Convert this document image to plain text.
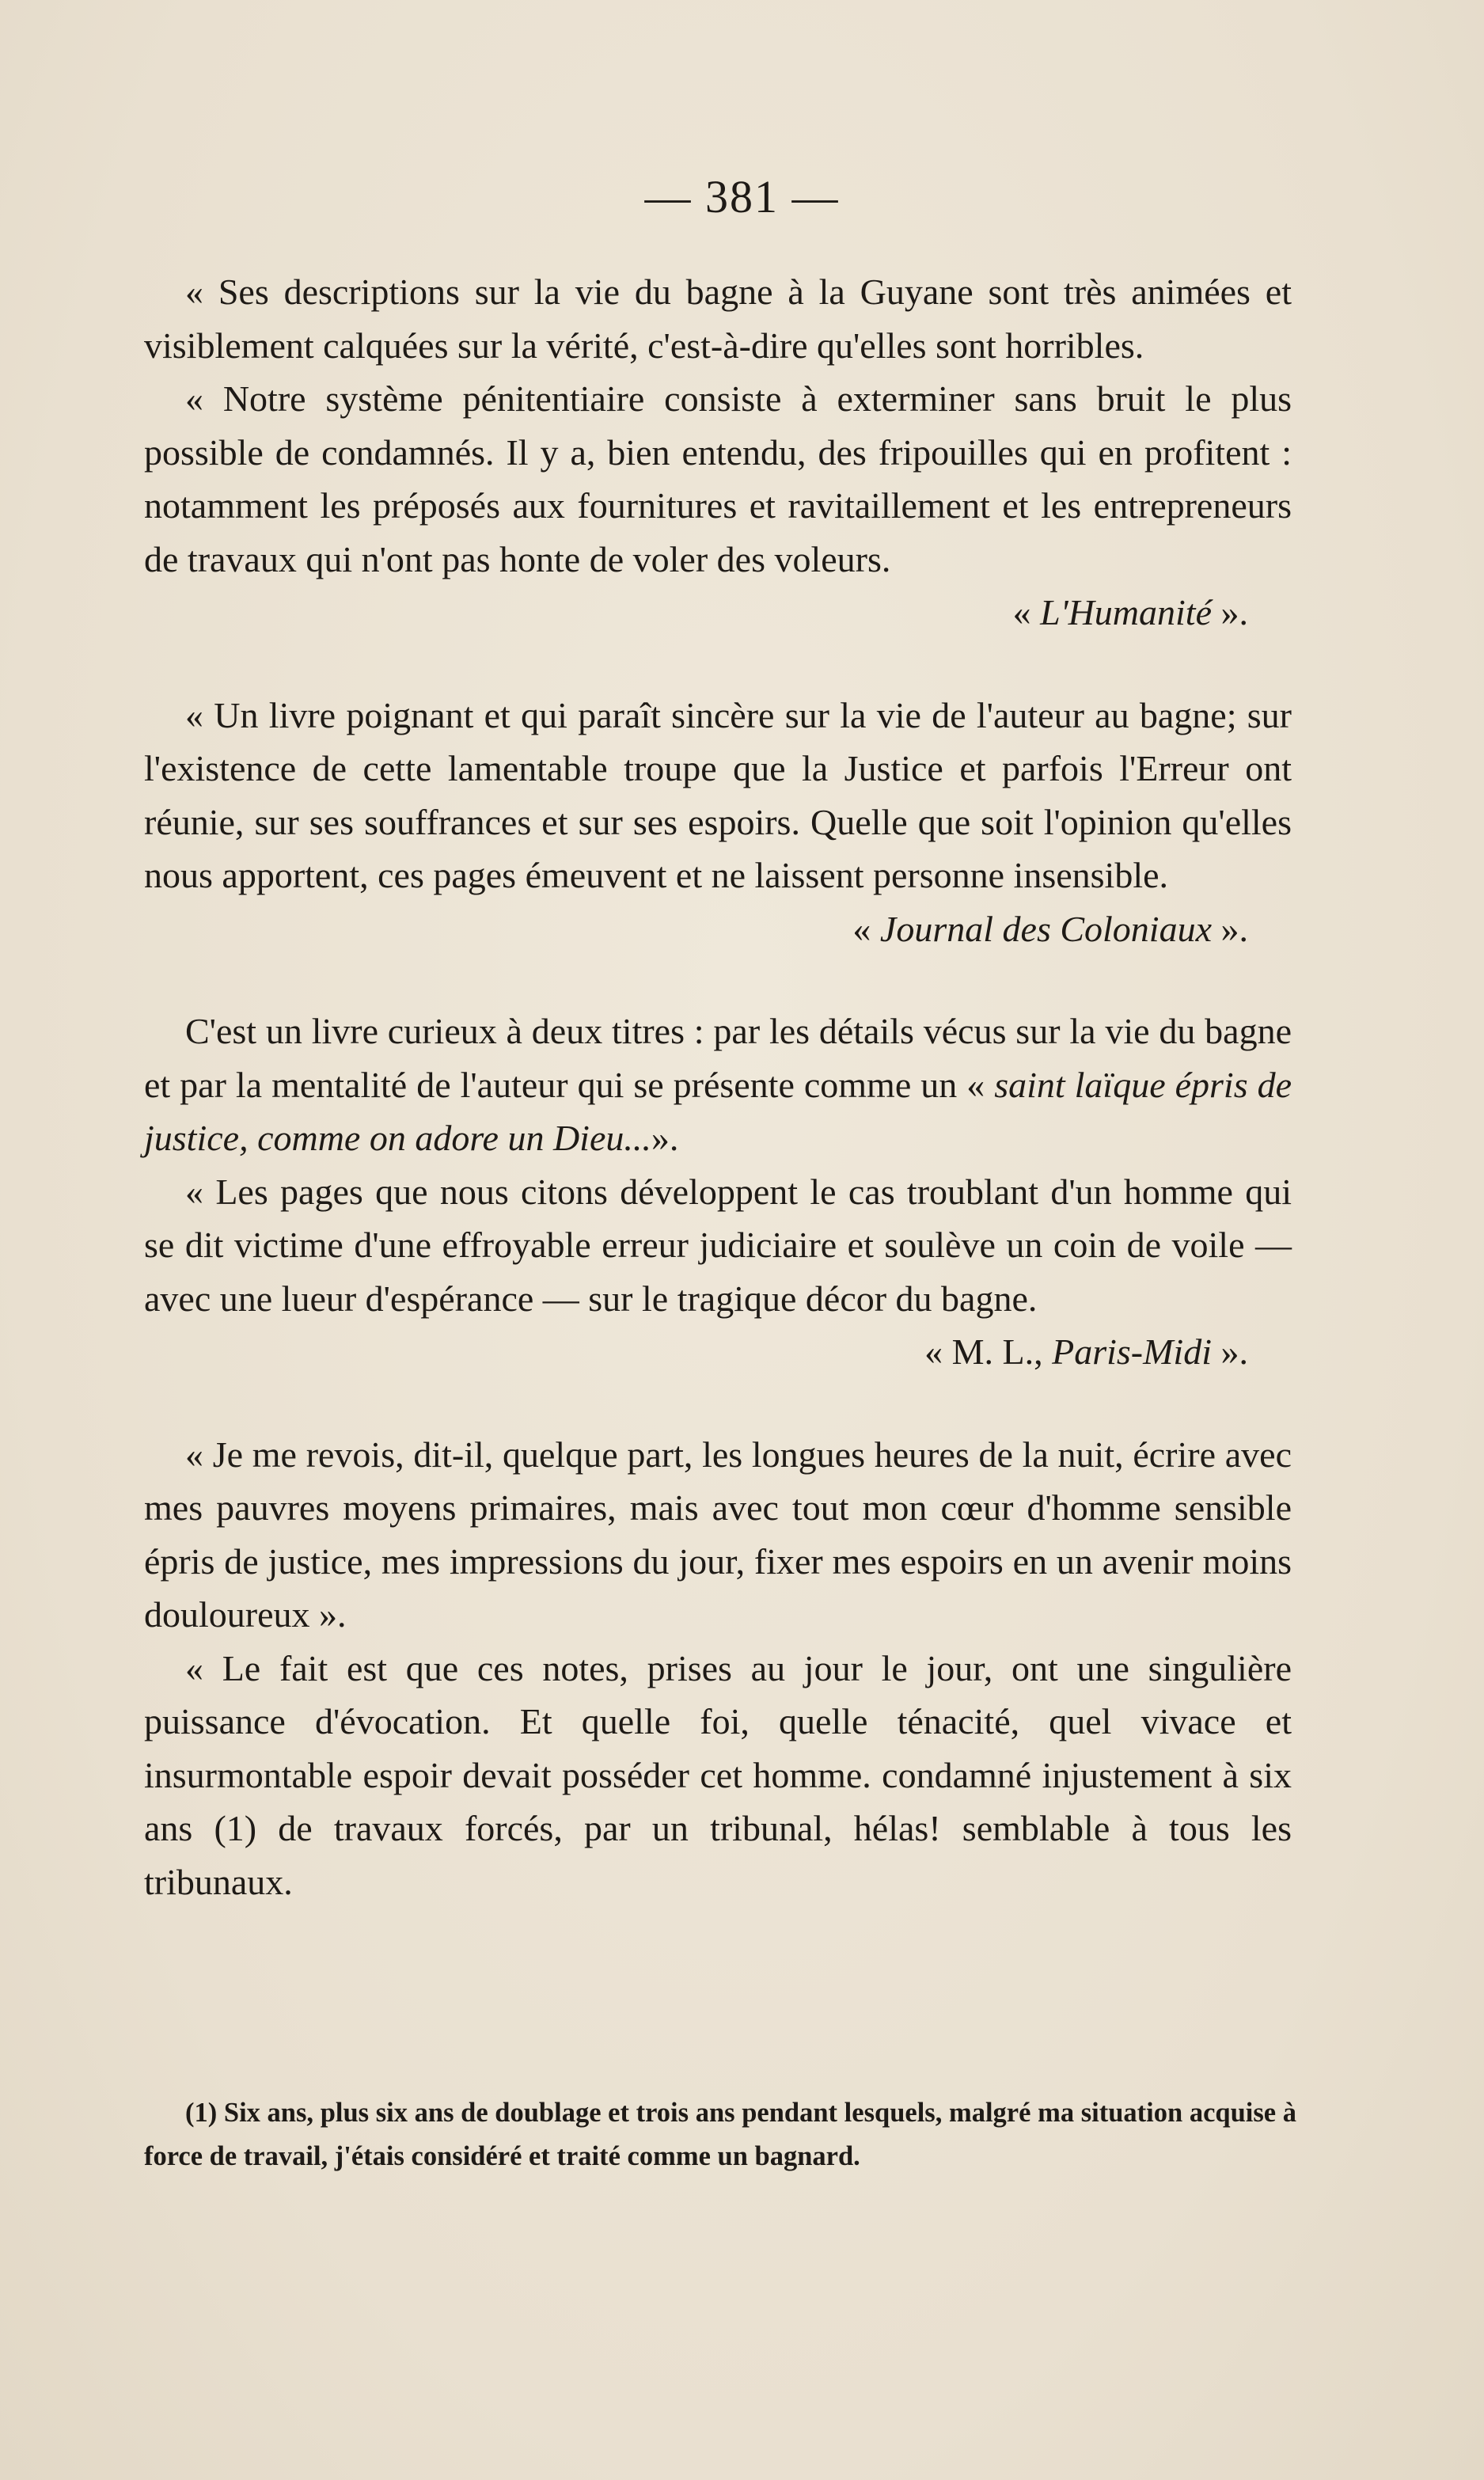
— 381 —

« Ses descriptions sur la vie du bagne à la Guyane sont très animées et visiblement calquées sur la vérité, c'est-à-dire qu'elles sont horribles.

« Notre système pénitentiaire consiste à exterminer sans bruit le plus possible de condamnés. Il y a, bien entendu, des fripouilles qui en profitent : notamment les préposés aux fournitures et ravitaillement et les entrepreneurs de travaux qui n'ont pas honte de voler des voleurs.

« L'Humanité ».

« Un livre poignant et qui paraît sincère sur la vie de l'auteur au bagne; sur l'existence de cette lamentable troupe que la Justice et parfois l'Erreur ont réunie, sur ses souffrances et sur ses espoirs. Quelle que soit l'opinion qu'elles nous apportent, ces pages émeuvent et ne laissent personne insensible.

« Journal des Coloniaux ».

C'est un livre curieux à deux titres : par les détails vécus sur la vie du bagne et par la mentalité de l'auteur qui se présente comme un « saint laïque épris de justice, comme on adore un Dieu...».

« Les pages que nous citons développent le cas troublant d'un homme qui se dit victime d'une effroyable erreur judiciaire et soulève un coin de voile — avec une lueur d'espérance — sur le tragique décor du bagne.

« M. L., Paris-Midi ».

« Je me revois, dit-il, quelque part, les longues heures de la nuit, écrire avec mes pauvres moyens primaires, mais avec tout mon cœur d'homme sensible épris de justice, mes impressions du jour, fixer mes espoirs en un avenir moins douloureux ».

« Le fait est que ces notes, prises au jour le jour, ont une singulière puissance d'évocation. Et quelle foi, quelle ténacité, quel vivace et insurmontable espoir devait posséder cet homme. condamné injustement à six ans (1) de travaux forcés, par un tribunal, hélas! semblable à tous les tribunaux.

(1) Six ans, plus six ans de doublage et trois ans pendant lesquels, malgré ma situation acquise à force de travail, j'étais considéré et traité comme un bagnard.
